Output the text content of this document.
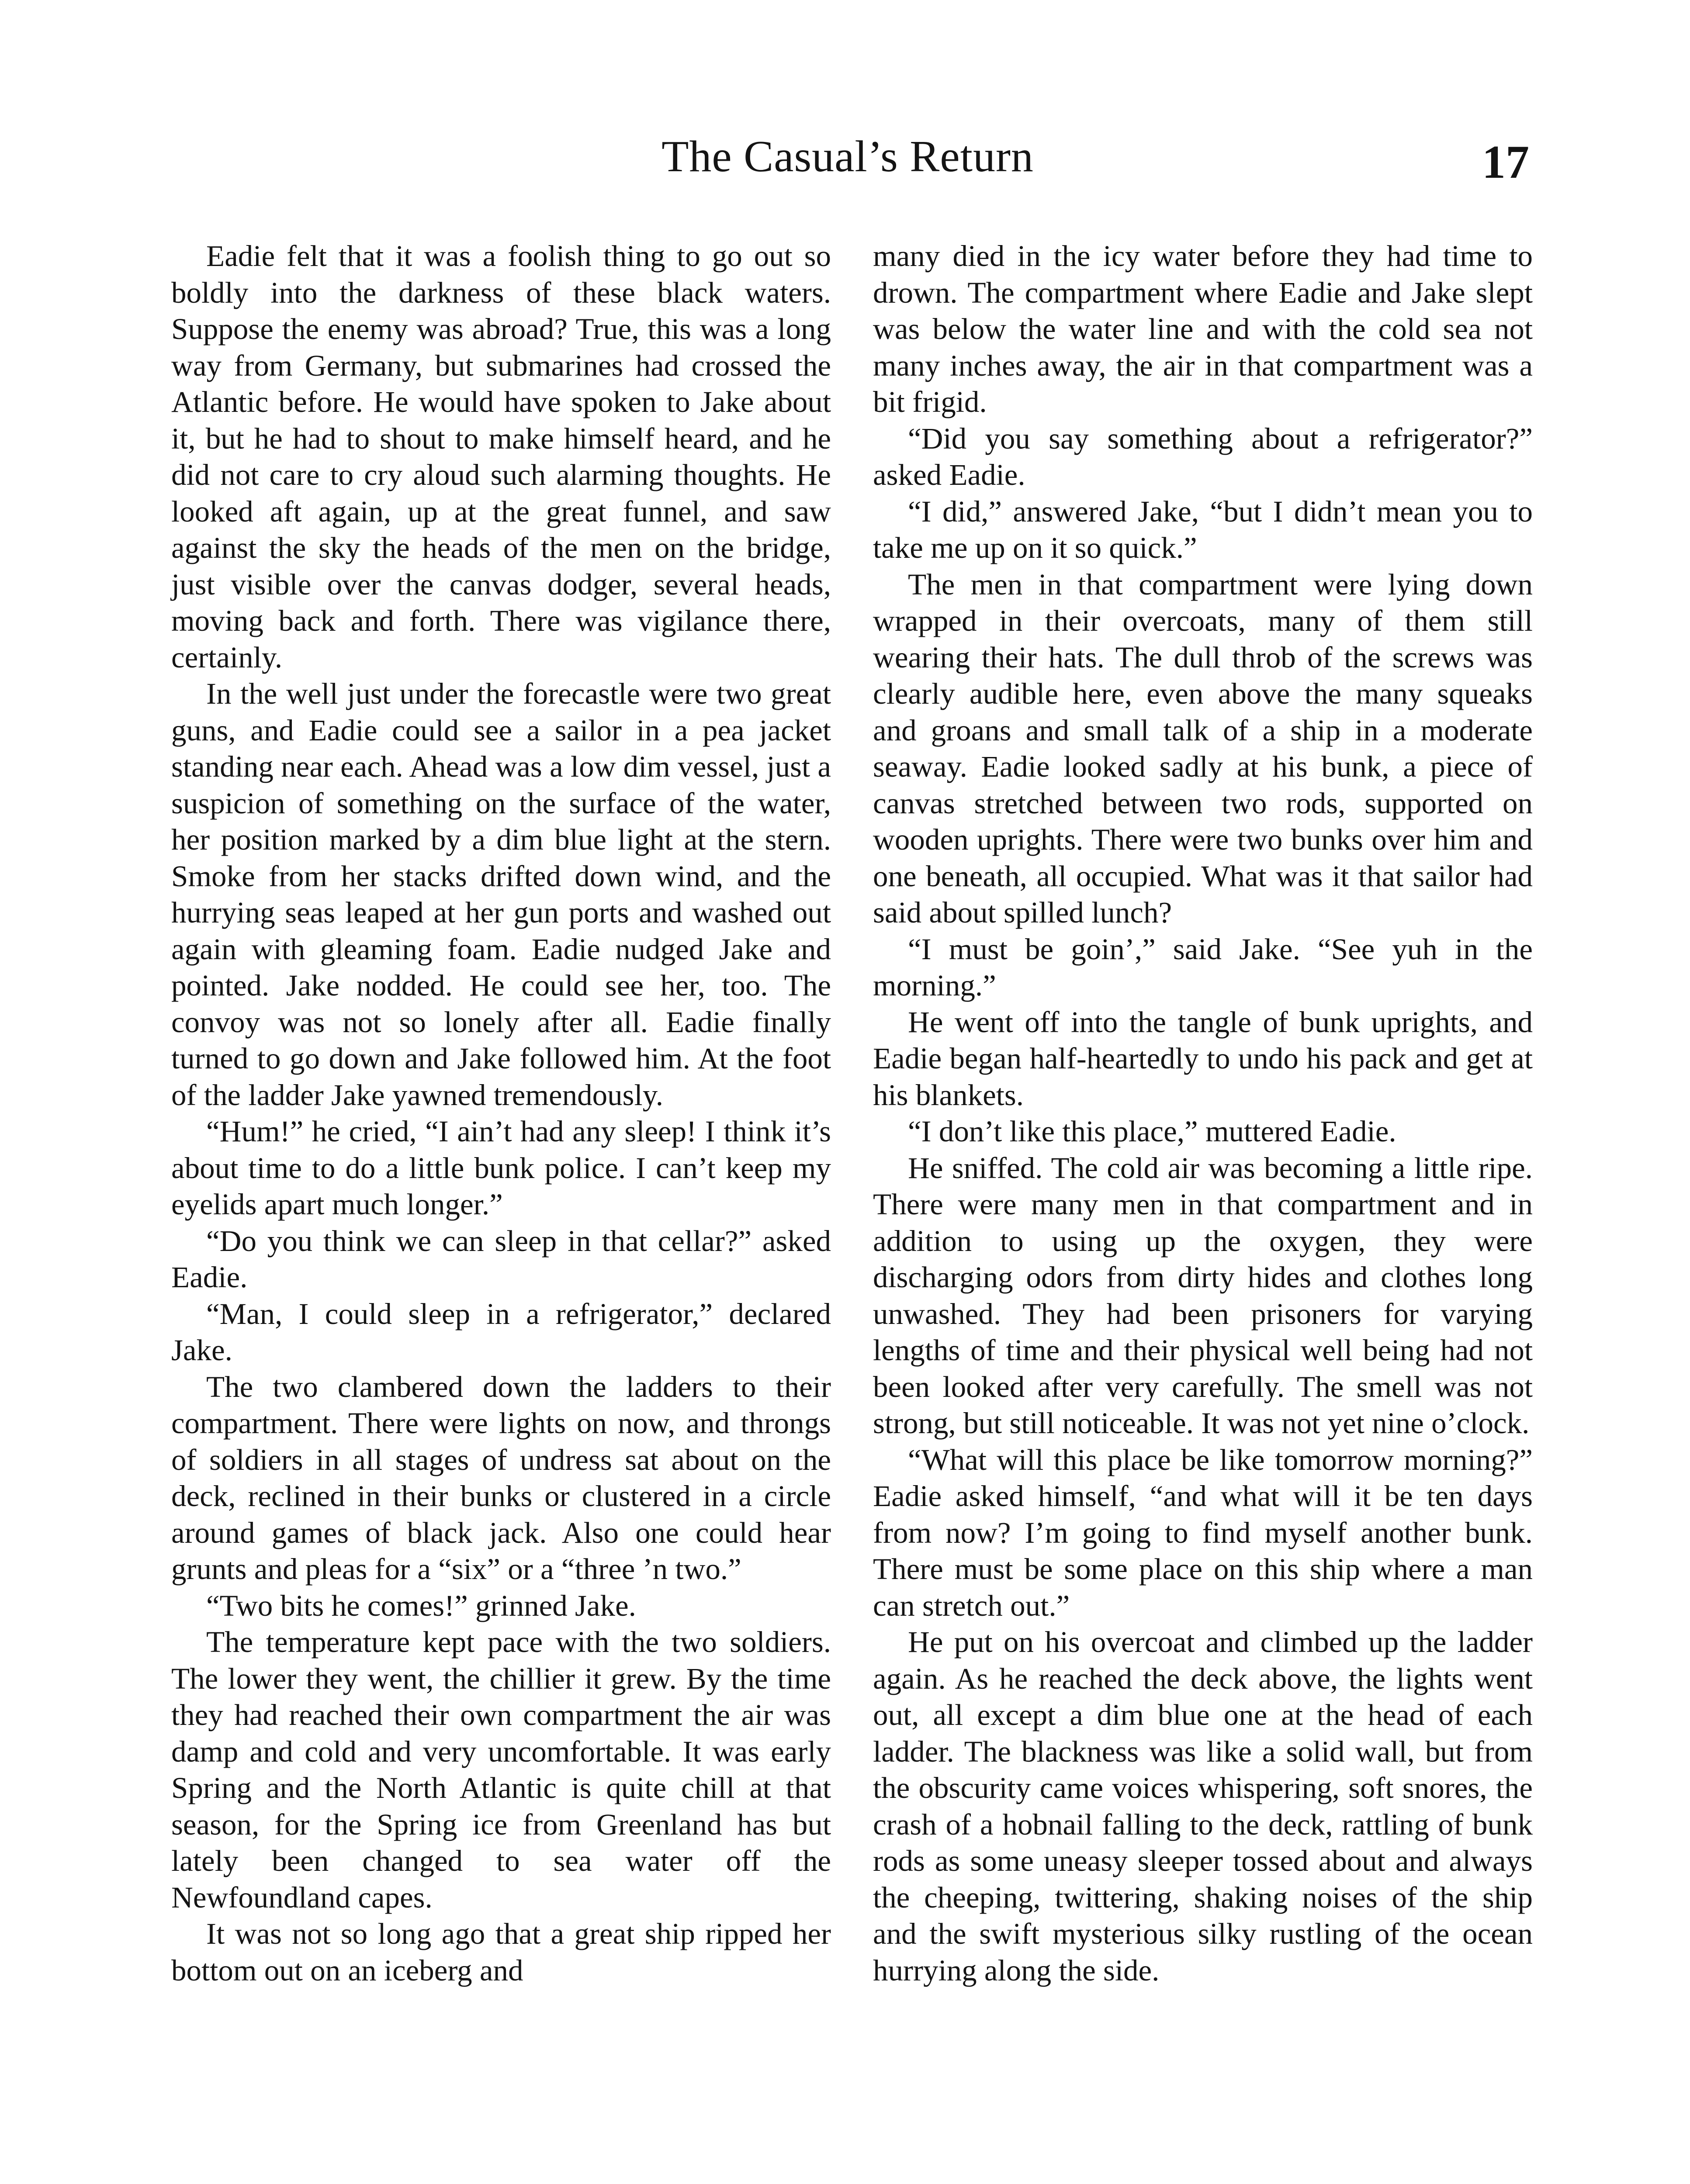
The Casual’s Return	17

Eadie felt that it was a foolish thing to go out so boldly into the darkness of these black waters. Suppose the enemy was abroad? True, this was a long way from Germany, but submarines had crossed the Atlantic before. He would have spoken to Jake about it, but he had to shout to make himself heard, and he did not care to cry aloud such alarming thoughts. He looked aft again, up at the great funnel, and saw against the sky the heads of the men on the bridge, just visible over the canvas dodger, several heads, moving back and forth. There was vigilance there, certainly.

In the well just under the forecastle were two great guns, and Eadie could see a sailor in a pea jacket standing near each. Ahead was a low dim vessel, just a suspicion of something on the surface of the water, her position marked by a dim blue light at the stern. Smoke from her stacks drifted down wind, and the hurrying seas leaped at her gun ports and washed out again with gleaming foam. Eadie nudged Jake and pointed. Jake nodded. He could see her, too. The convoy was not so lonely after all. Eadie finally turned to go down and Jake followed him. At the foot of the ladder Jake yawned tremendously.

“Hum!” he cried, “I ain’t had any sleep! I think it’s about time to do a little bunk police. I can’t keep my eyelids apart much longer.”

“Do you think we can sleep in that cellar?” asked Eadie.

“Man, I could sleep in a refrigerator,” declared Jake.

The two clambered down the ladders to their compartment. There were lights on now, and throngs of soldiers in all stages of undress sat about on the deck, reclined in their bunks or clustered in a circle around games of black jack. Also one could hear grunts and pleas for a “six” or a “three ’n two.”

“Two bits he comes!” grinned Jake.

The temperature kept pace with the two soldiers. The lower they went, the chillier it grew. By the time they had reached their own compartment the air was damp and cold and very uncomfortable. It was early Spring and the North Atlantic is quite chill at that season, for the Spring ice from Greenland has but lately been changed to sea water off the Newfoundland capes.

It was not so long ago that a great ship ripped her bottom out on an iceberg and

many died in the icy water before they had time to drown. The compartment where Eadie and Jake slept was below the water line and with the cold sea not many inches away, the air in that compartment was a bit frigid.

“Did you say something about a refrigerator?” asked Eadie.

“I did,” answered Jake, “but I didn’t mean you to take me up on it so quick.”

The men in that compartment were lying down wrapped in their overcoats, many of them still wearing their hats. The dull throb of the screws was clearly audible here, even above the many squeaks and groans and small talk of a ship in a moderate seaway. Eadie looked sadly at his bunk, a piece of canvas stretched between two rods, supported on wooden uprights. There were two bunks over him and one beneath, all occupied. What was it that sailor had said about spilled lunch?

“I must be goin’,” said Jake. “See yuh in the morning.”

He went off into the tangle of bunk uprights, and Eadie began half-heartedly to undo his pack and get at his blankets.

“I don’t like this place,” muttered Eadie.

He sniffed. The cold air was becoming a little ripe. There were many men in that compartment and in addition to using up the oxygen, they were discharging odors from dirty hides and clothes long unwashed. They had been prisoners for varying lengths of time and their physical well being had not been looked after very carefully. The smell was not strong, but still noticeable. It was not yet nine o’clock.

“What will this place be like tomorrow morning?” Eadie asked himself, “and what will it be ten days from now? I’m going to find myself another bunk. There must be some place on this ship where a man can stretch out.”

He put on his overcoat and climbed up the ladder again. As he reached the deck above, the lights went out, all except a dim blue one at the head of each ladder. The blackness was like a solid wall, but from the obscurity came voices whispering, soft snores, the crash of a hobnail falling to the deck, rattling of bunk rods as some uneasy sleeper tossed about and always the cheeping, twittering, shaking noises of the ship and the swift mysterious silky rustling of the ocean hurrying along the side.
